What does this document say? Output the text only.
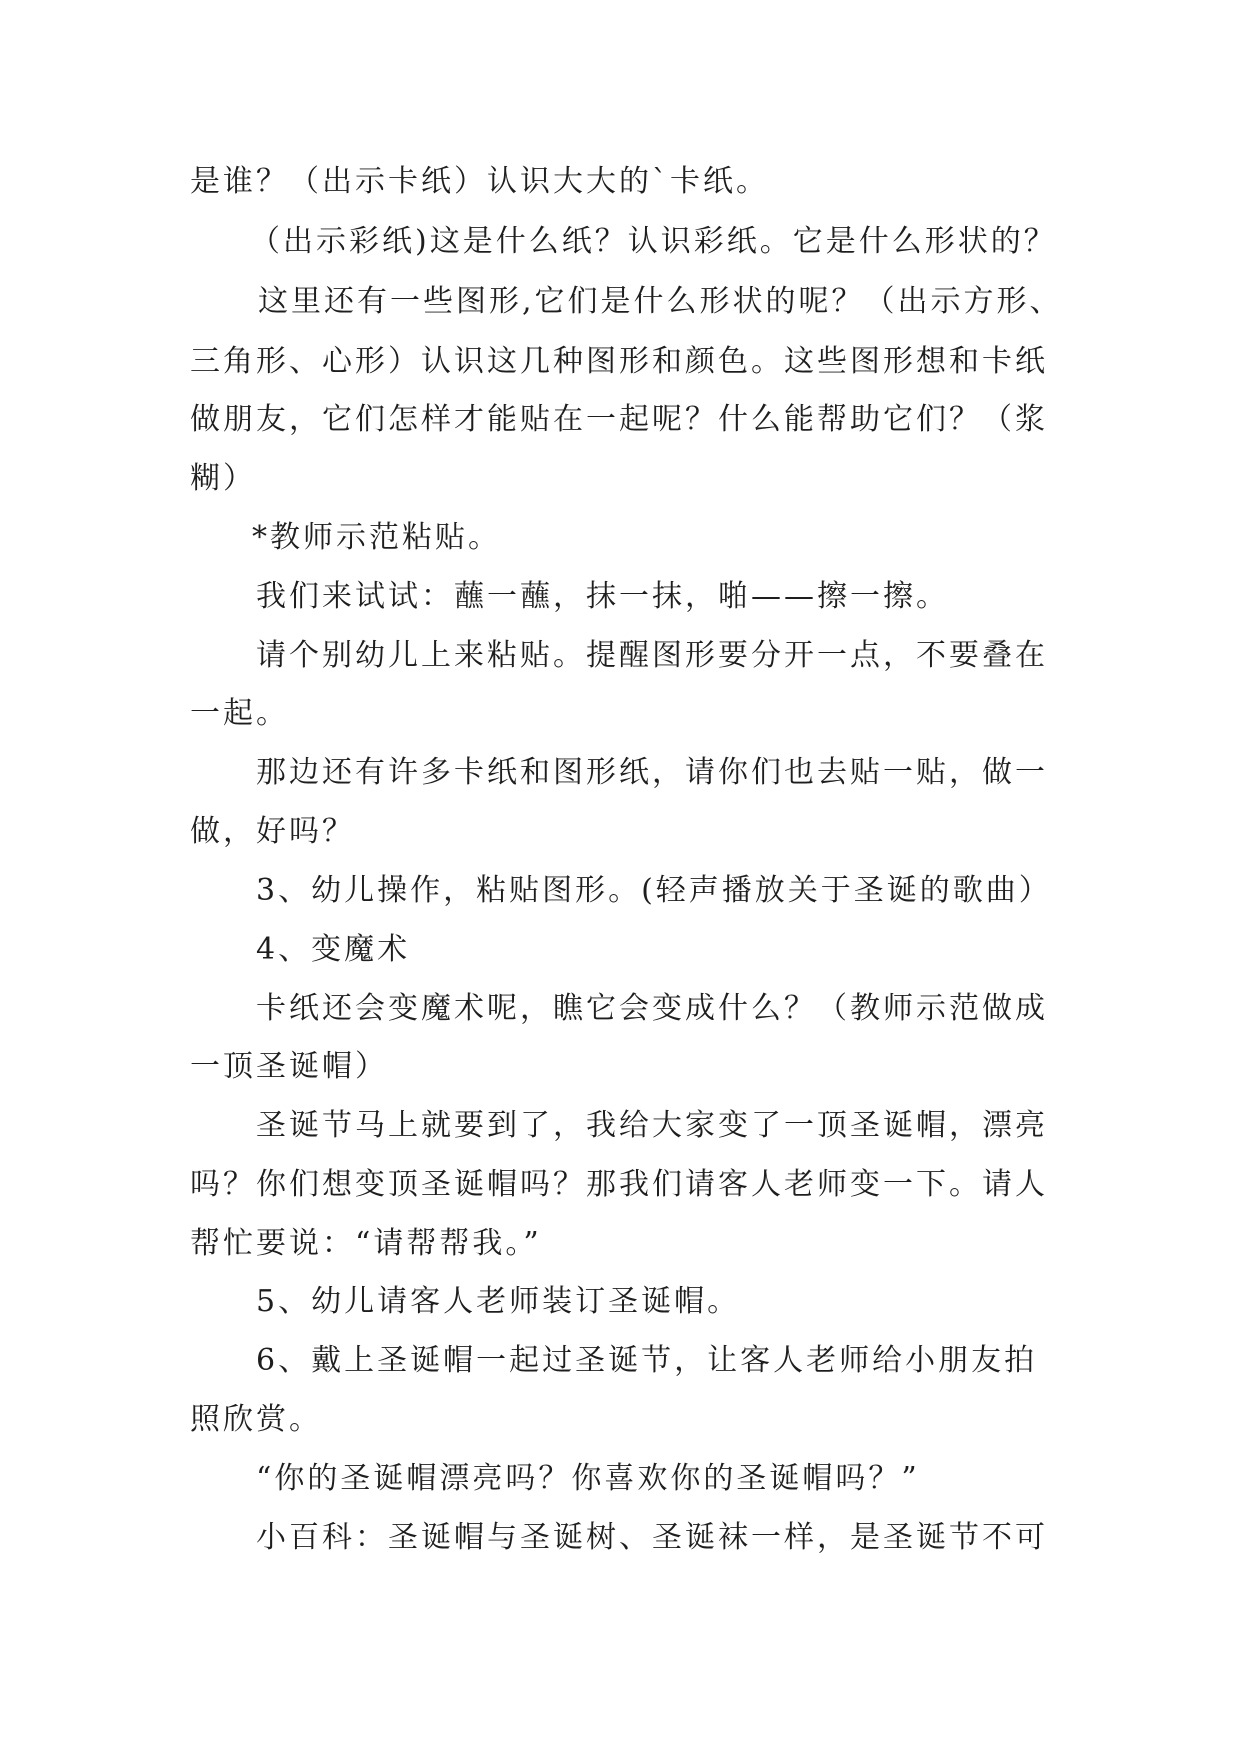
是谁？（出示卡纸）认识大大的`卡纸。
（出示彩纸)这是什么纸？认识彩纸。它是什么形状的？
这里还有一些图形,它们是什么形状的呢？（出示方形、
三角形、心形）认识这几种图形和颜色。这些图形想和卡纸
做朋友，它们怎样才能贴在一起呢？什么能帮助它们？（浆
糊）
*教师示范粘贴。
我们来试试：蘸一蘸，抹一抹，啪——擦一擦。
请个别幼儿上来粘贴。提醒图形要分开一点，不要叠在
一起。
那边还有许多卡纸和图形纸，请你们也去贴一贴，做一
做，好吗？
3、幼儿操作，粘贴图形。(轻声播放关于圣诞的歌曲）
4、变魔术
卡纸还会变魔术呢，瞧它会变成什么？（教师示范做成
一顶圣诞帽）
圣诞节马上就要到了，我给大家变了一顶圣诞帽，漂亮
吗？你们想变顶圣诞帽吗？那我们请客人老师变一下。请人
帮忙要说：“请帮帮我。”
5、幼儿请客人老师装订圣诞帽。
6、戴上圣诞帽一起过圣诞节，让客人老师给小朋友拍
照欣赏。
“你的圣诞帽漂亮吗？你喜欢你的圣诞帽吗？”
小百科：圣诞帽与圣诞树、圣诞袜一样，是圣诞节不可
